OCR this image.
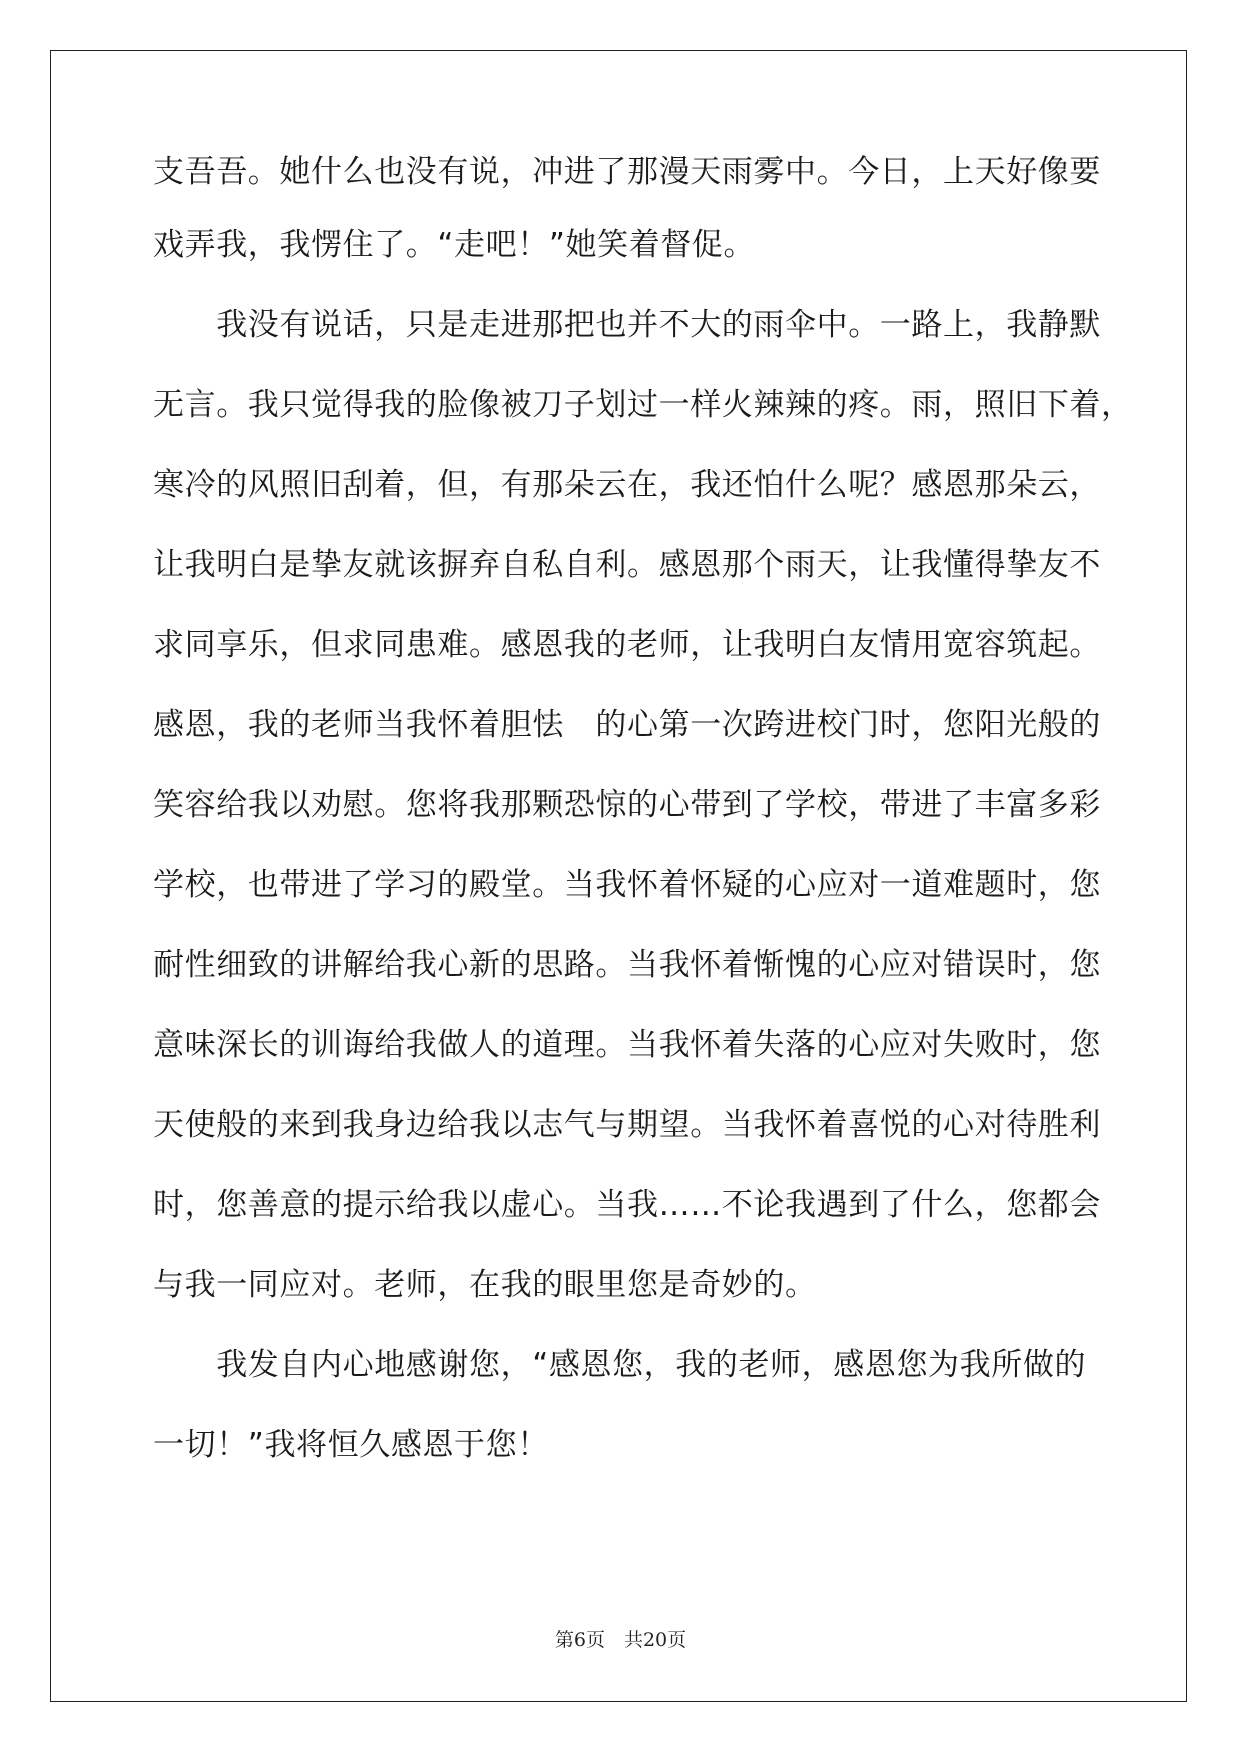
支吾吾。她什么也没有说，冲进了那漫天雨雾中。今日，上天好像要
戏弄我，我愣住了。“走吧！”她笑着督促。
　　我没有说话，只是走进那把也并不大的雨伞中。一路上，我静默
无言。我只觉得我的脸像被刀子划过一样火辣辣的疼。雨，照旧下着，
寒冷的风照旧刮着，但，有那朵云在，我还怕什么呢？感恩那朵云，
让我明白是挚友就该摒弃自私自利。感恩那个雨天，让我懂得挚友不
求同享乐，但求同患难。感恩我的老师，让我明白友情用宽容筑起。
感恩，我的老师当我怀着胆怯　的心第一次跨进校门时，您阳光般的
笑容给我以劝慰。您将我那颗恐惊的心带到了学校，带进了丰富多彩
学校，也带进了学习的殿堂。当我怀着怀疑的心应对一道难题时，您
耐性细致的讲解给我心新的思路。当我怀着惭愧的心应对错误时，您
意味深长的训诲给我做人的道理。当我怀着失落的心应对失败时，您
天使般的来到我身边给我以志气与期望。当我怀着喜悦的心对待胜利
时，您善意的提示给我以虚心。当我……不论我遇到了什么，您都会
与我一同应对。老师，在我的眼里您是奇妙的。
　　我发自内心地感谢您，“感恩您，我的老师，感恩您为我所做的
一切！”我将恒久感恩于您！
第6页　共20页
